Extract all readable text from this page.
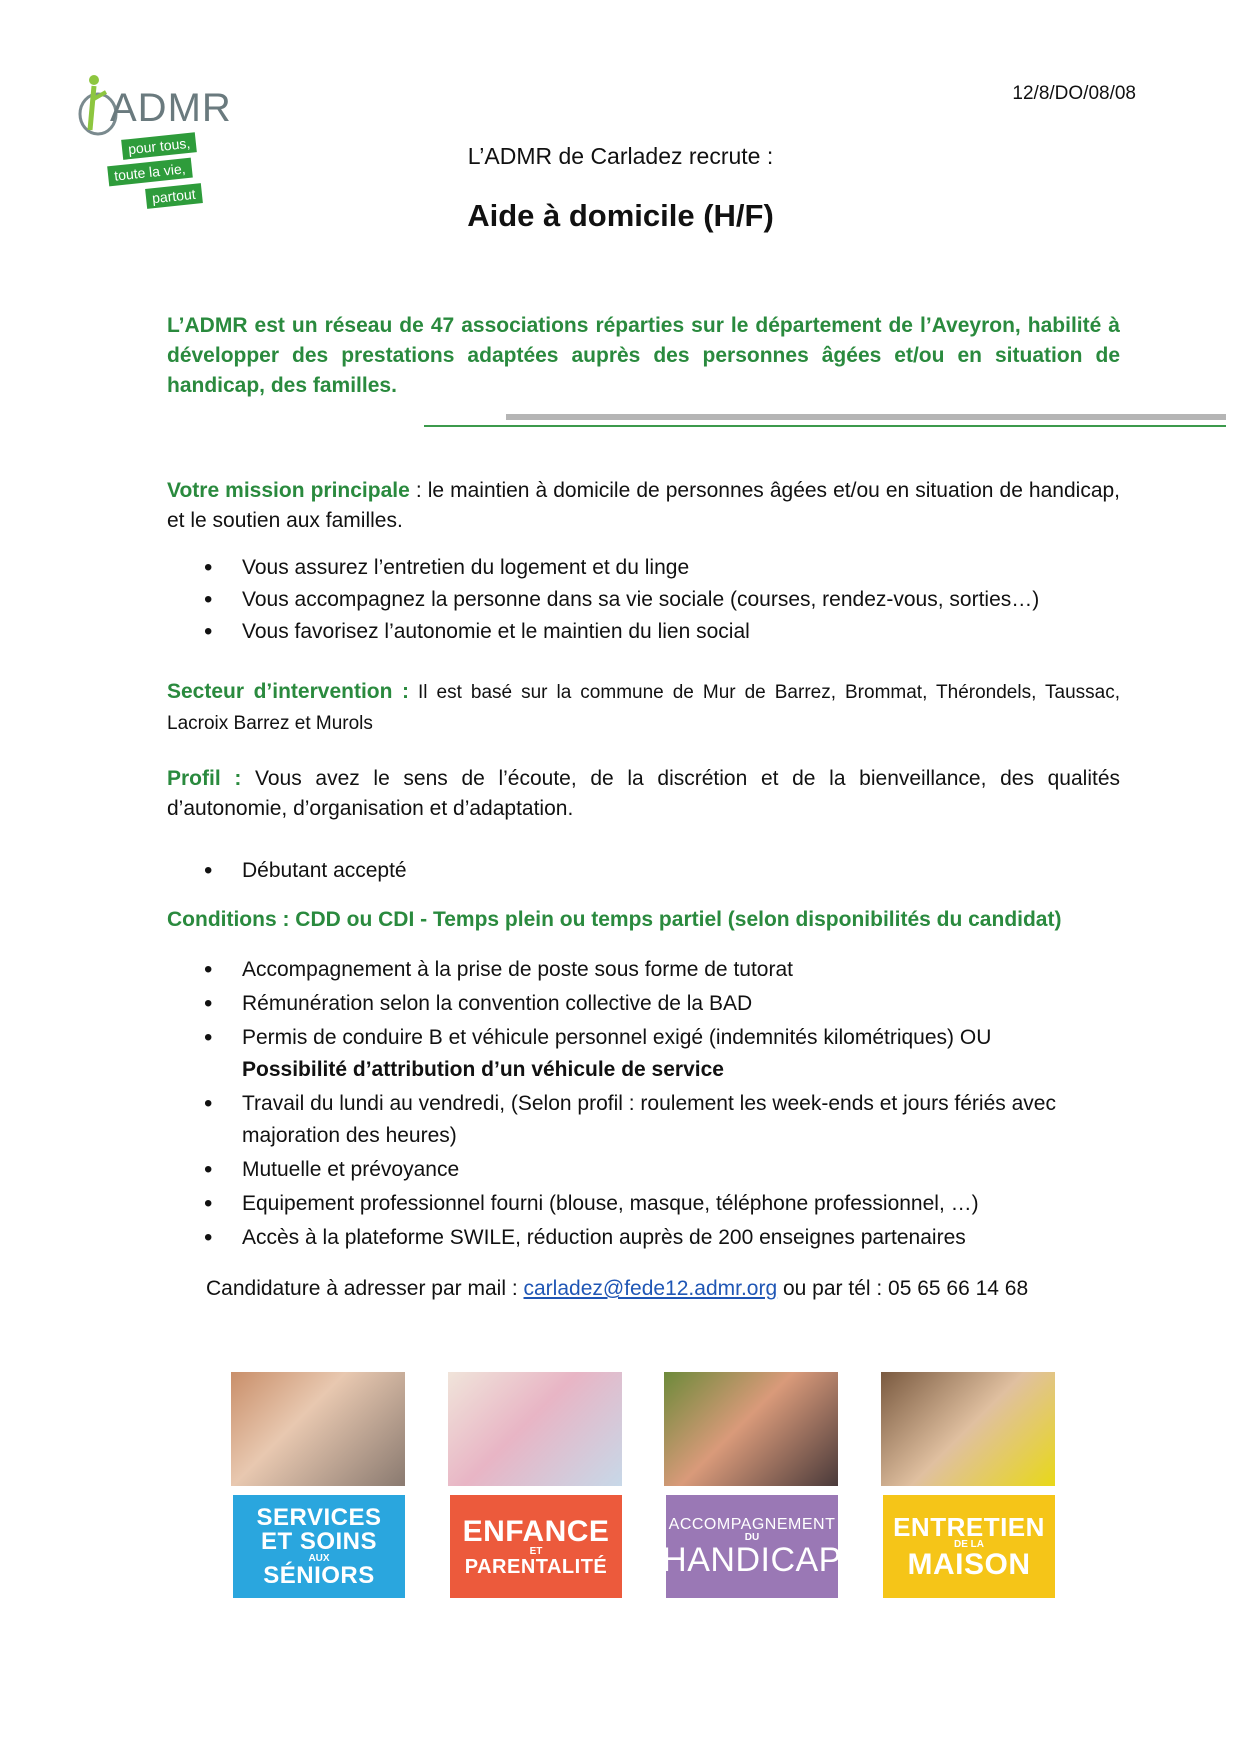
ADMR
pour tous,
toute la vie,
partout
12/8/DO/08/08
L’ADMR de Carladez recrute :
Aide à domicile (H/F)
L’ADMR est un réseau de 47 associations réparties sur le département de l’Aveyron, habilité à développer des prestations adaptées auprès des personnes âgées et/ou en situation de handicap, des familles.
Votre mission principale : le maintien à domicile de personnes âgées et/ou en situation de handicap, et le soutien aux familles.
• Vous assurez l’entretien du logement et du linge
• Vous accompagnez la personne dans sa vie sociale (courses, rendez-vous, sorties…)
• Vous favorisez l’autonomie et le maintien du lien social
Secteur d’intervention : Il est basé sur la commune de Mur de Barrez, Brommat, Thérondels, Taussac, Lacroix Barrez et Murols
Profil : Vous avez le sens de l’écoute, de la discrétion et de la bienveillance, des qualités d’autonomie, d’organisation et d’adaptation.
• Débutant accepté
Conditions : CDD ou CDI - Temps plein ou temps partiel (selon disponibilités du candidat)
• Accompagnement à la prise de poste sous forme de tutorat
• Rémunération selon la convention collective de la BAD
• Permis de conduire B et véhicule personnel exigé (indemnités kilométriques) OU
Possibilité d’attribution d’un véhicule de service
• Travail du lundi au vendredi, (Selon profil : roulement les week-ends et jours fériés avec majoration des heures)
• Mutuelle et prévoyance
• Equipement professionnel fourni (blouse, masque, téléphone professionnel, …)
• Accès à la plateforme SWILE, réduction auprès de 200 enseignes partenaires
Candidature à adresser par mail : carladez@fede12.admr.org ou par tél : 05 65 66 14 68
SERVICES
ET SOINS
AUX
SÉNIORS
ENFANCE
ET
PARENTALITÉ
ACCOMPAGNEMENT
DU
HANDICAP
ENTRETIEN
DE LA
MAISON
